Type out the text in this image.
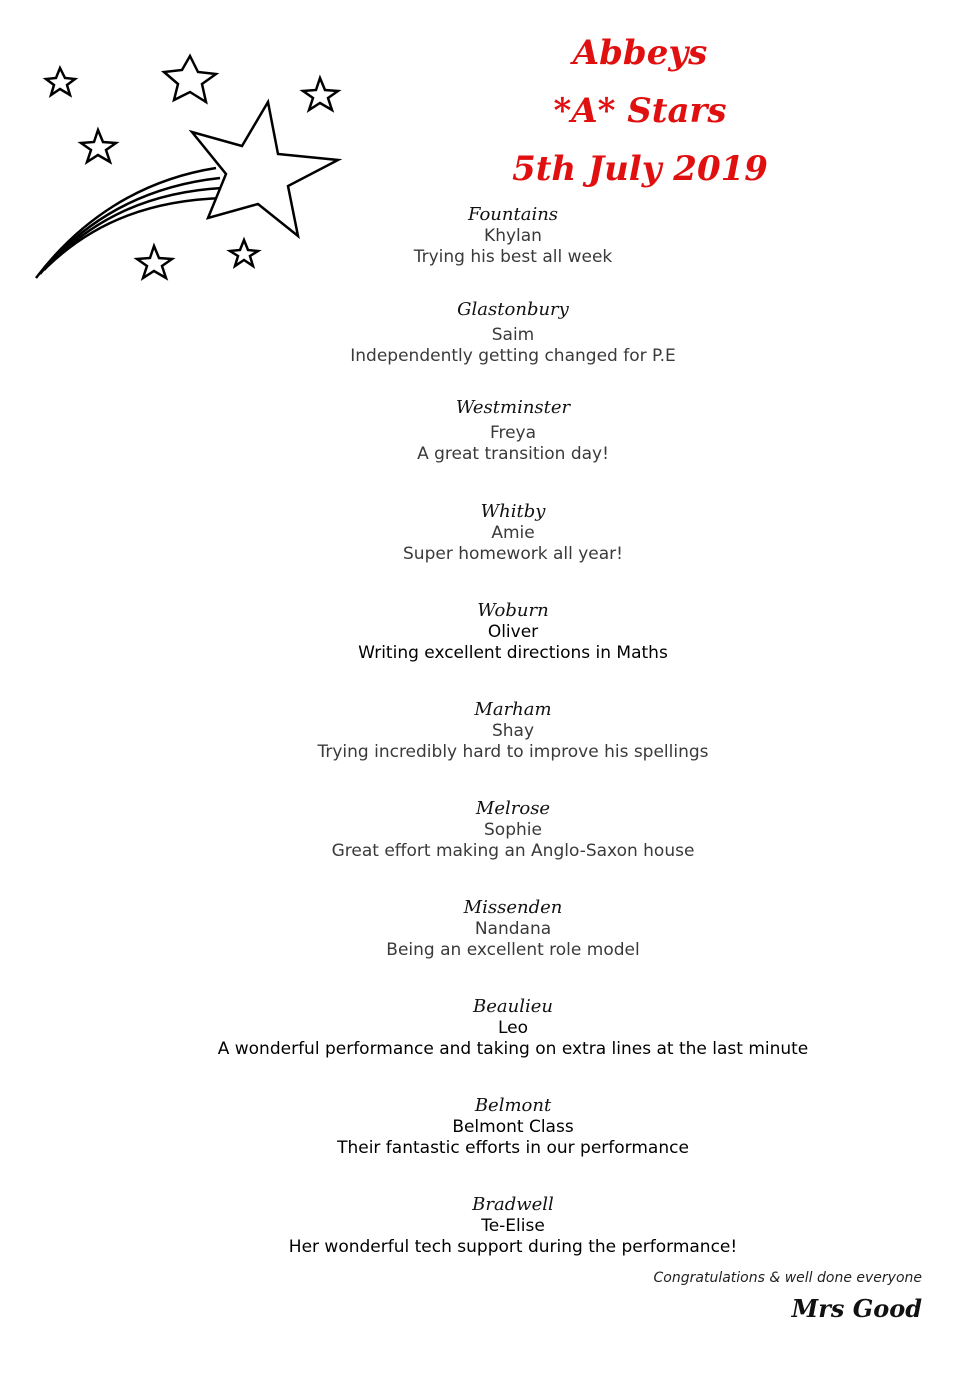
Abbeys
*A* Stars
5th July 2019
Fountains
Khylan
Trying his best all week
Glastonbury
Saim
Independently getting changed for P.E
Westminster
Freya
A great transition day!
Whitby
Amie
Super homework all year!
Woburn
Oliver
Writing excellent directions in Maths
Marham
Shay
Trying incredibly hard to improve his spellings
Melrose
Sophie
Great effort making an Anglo-Saxon house
Missenden
Nandana
Being an excellent role model
Beaulieu
Leo
A wonderful performance and taking on extra lines at the last minute
Belmont
Belmont Class
Their fantastic efforts in our performance
Bradwell
Te-Elise
Her wonderful tech support during the performance!
Congratulations & well done everyone
Mrs Good
